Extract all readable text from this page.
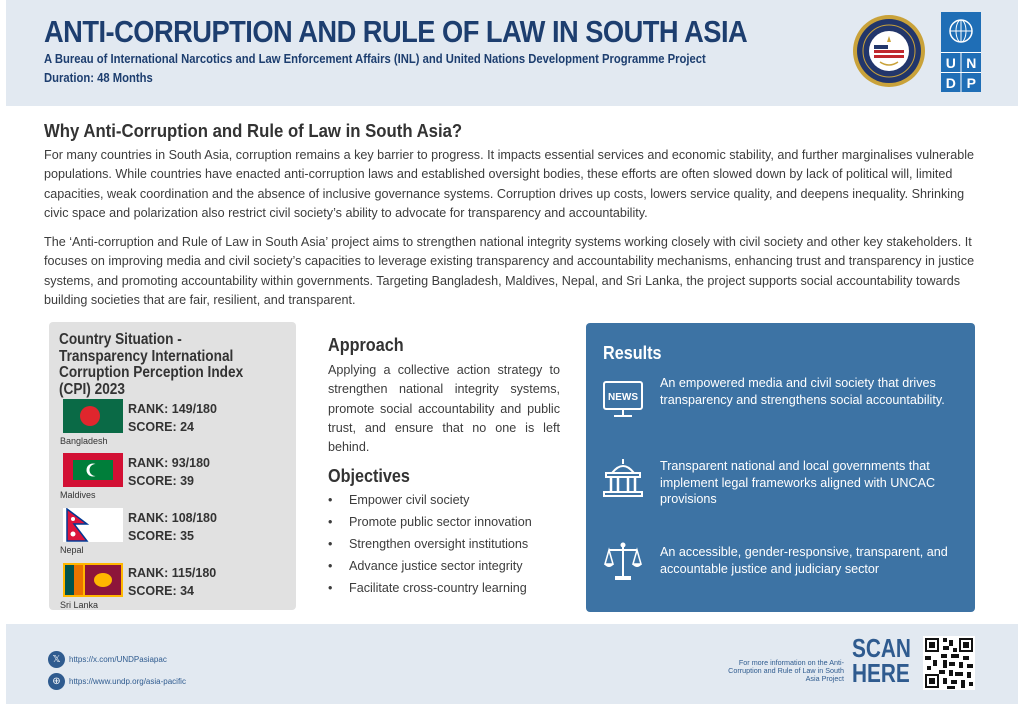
ANTI-CORRUPTION AND RULE OF LAW IN SOUTH ASIA
A Bureau of International Narcotics and Law Enforcement Affairs (INL) and United Nations Development Programme Project
Duration: 48 Months
U N
D P
Why Anti-Corruption and Rule of Law in South Asia?

For many countries in South Asia, corruption remains a key barrier to progress. It impacts essential services and economic stability, and further marginalises vulnerable populations. While countries have enacted anti-corruption laws and established oversight bodies, these efforts are often slowed down by lack of political will, limited capacities, weak coordination and the absence of inclusive governance systems. Corruption drives up costs, lowers service quality, and deepens inequality. Shrinking civic space and polarization also restrict civil society’s ability to advocate for transparency and accountability.

The ‘Anti-corruption and Rule of Law in South Asia’ project aims to strengthen national integrity systems working closely with civil society and other key stakeholders. It focuses on improving media and civil society’s capacities to leverage existing transparency and accountability mechanisms, enhancing trust and transparency in justice systems, and promoting accountability within governments. Targeting Bangladesh, Maldives, Nepal, and Sri Lanka, the project supports social accountability towards building societies that are fair, resilient, and transparent.

Country Situation - Transparency International Corruption Perception Index (CPI) 2023
RANK: 149/180
SCORE: 24
Bangladesh
RANK: 93/180
SCORE: 39
Maldives
RANK: 108/180
SCORE: 35
Nepal
RANK: 115/180
SCORE: 34
Sri Lanka
Approach

Applying a collective action strategy to strengthen national integrity systems, promote social accountability and public trust, and ensure that no one is left behind.

Objectives
• Empower civil society
• Promote public sector innovation
• Strengthen oversight institutions
• Advance justice sector integrity
• Facilitate cross-country learning
Results
NEWS

An empowered media and civil society that drives transparency and strengthens social accountability.

Transparent national and local governments that implement legal frameworks aligned with UNCAC provisions

An accessible, gender-responsive, transparent, and accountable justice and judiciary sector

𝕏	https://x.com/UNDPasiapac
⊕	https://www.undp.org/asia-pacific

For more information on the Anti-Corruption and Rule of Law in South Asia Project

SCAN
HERE
